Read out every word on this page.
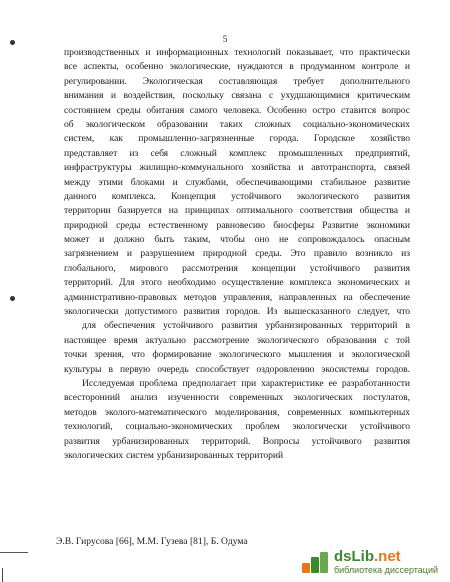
5
производственных и информационных технологий показывает, что практически
все аспекты, особенно экологические, нуждаются в продуманном контроле и
регулировании. Экологическая составляющая требует дополнительного
внимания и воздействия, поскольку связана с ухудшающимися критическим
состоянием среды обитания самого человека. Особенно остро ставится вопрос
об экологическом образовании таких сложных социально-экономических
систем, как промышленно-загрязненные города. Городское хозяйство
представляет из себя сложный комплекс промышленных предприятий,
инфраструктуры жилищно-коммунального хозяйства и автотранспорта, связей
между этими блоками и службами, обеспечивающими стабильное развитие
данного комплекса. Концепция устойчивого экологического развития
территории базируется на принципах оптимального соответствия общества и
природной среды естественному равновесию биосферы Развитие экономики
может и должно быть таким, чтобы оно не сопровождалось опасным
загрязнением и разрушением природной среды. Это правило возникло из
глобального, мирового рассмотрения концепции устойчивого развития
территорий. Для этого необходимо осуществление комплекса экономических и
административно-правовых методов управления, направленных на обеспечение
экологически допустимого развития городов. Из вышесказанного следует, что
для обеспечения устойчивого развития урбанизированных территорий в
настоящее время актуально рассмотрение экологического образования с той
точки зрения, что формирование экологического мышления и экологической
культуры в первую очередь способствует оздоровлению экосистемы городов.
Исследуемая проблема предполагает при характеристике ее разработанности
всесторонний анализ изученности современных экологических постулатов,
методов эколого-математического моделирования, современных компьютерных
технологий, социально-экономических проблем экологически устойчивого
развития урбанизированных территорий. Вопросы устойчивого развития
экологических систем урбанизированных территорий
Э.В. Гирусова [66], М.М. Гузева [81], Б. Одума
dsLib.net
библиотека диссертаций
